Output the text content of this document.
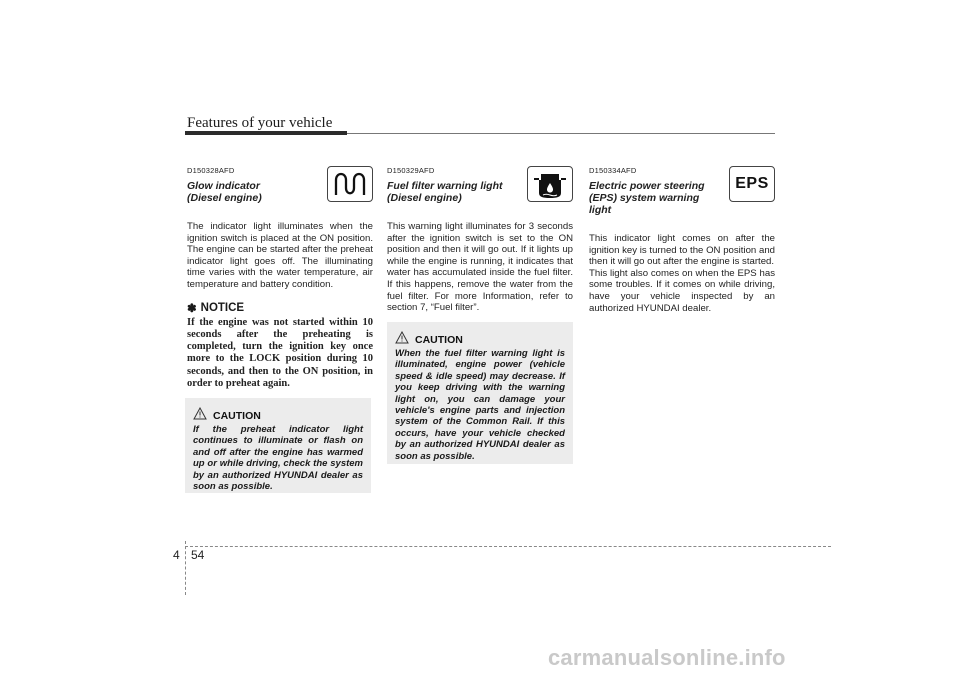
Features of your vehicle
D150328AFD
Glow indicator
(Diesel engine)
The indicator light illuminates when the ignition switch is placed at the ON position. The engine can be started after the preheat indicator light goes off. The illuminating time varies with the water temperature, air temperature and battery condition.
✽ NOTICE
If the engine was not started within 10 seconds after the preheating is completed, turn the ignition key once more to the LOCK position during 10 seconds, and then to the ON position, in order to preheat again.
D150329AFD
Fuel filter warning light
(Diesel engine)
This warning light illuminates for 3 seconds after the ignition switch is set to the ON position and then it will go out. If it lights up while the engine is running, it indicates that water has accumulated inside the fuel filter. If this happens, remove the water from the fuel filter. For more Information, refer to section 7, “Fuel filter”.
D150334AFD
Electric power steering
(EPS) system warning light
EPS

This indicator light comes on after the ignition key is turned to the ON position and then it will go out after the engine is started.

This light also comes on when the EPS has some troubles. If it comes on while driving, have your vehicle inspected by an authorized HYUNDAI dealer.

CAUTION
If the preheat indicator light continues to illuminate or flash on and off after the engine has warmed up or while driving, check the system by an authorized HYUNDAI dealer as soon as possible.
CAUTION
When the fuel filter warning light is illuminated, engine power (vehicle speed & idle speed) may decrease. If you keep driving with the warning light on, you can damage your vehicle's engine parts and injection system of the Common Rail. If this occurs, have your vehicle checked by an authorized HYUNDAI dealer as soon as possible.
4 54
carmanualsonline.info
